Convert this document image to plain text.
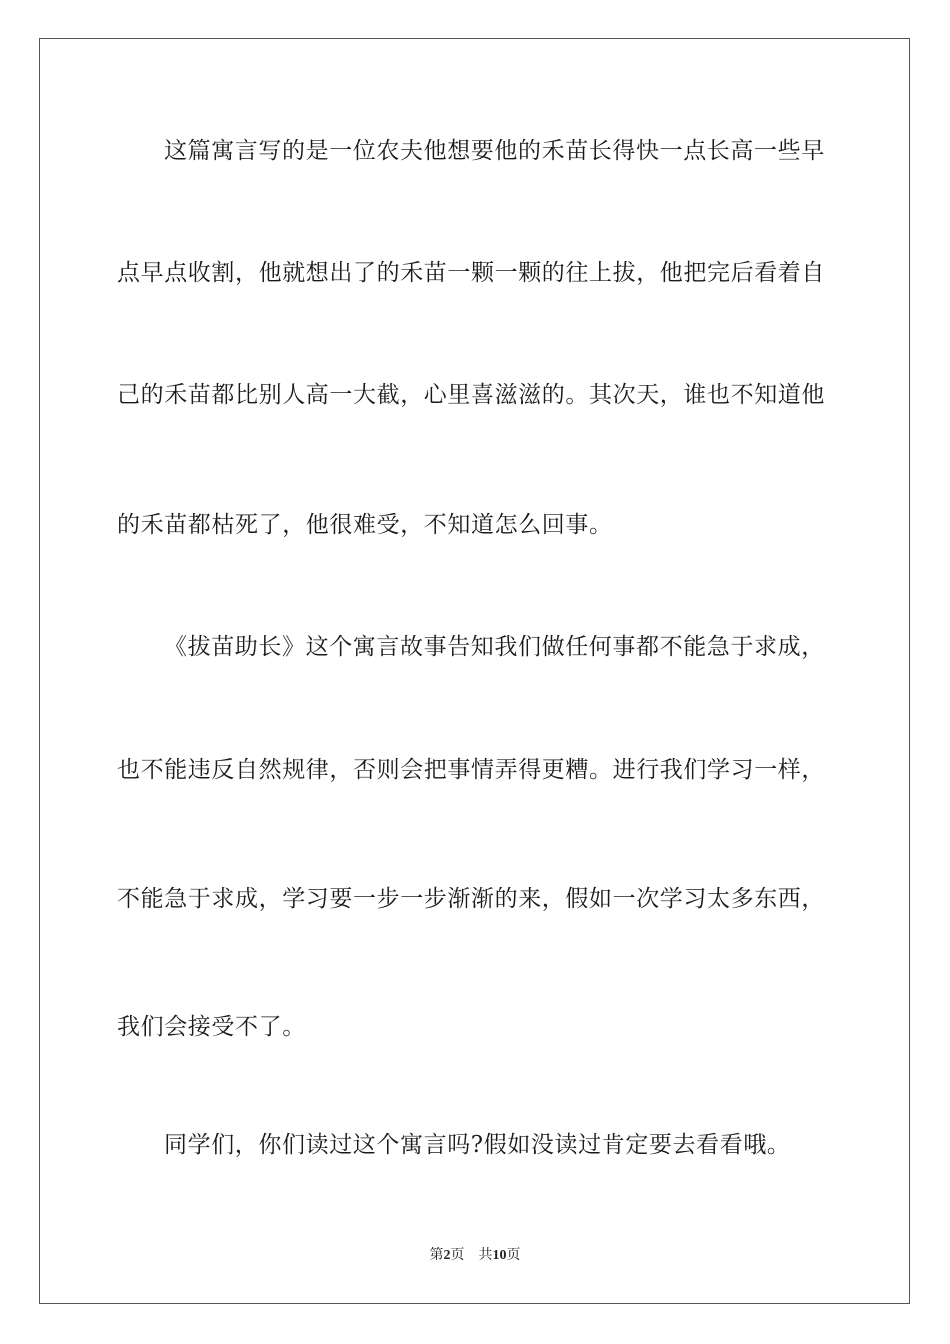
这篇寓言写的是一位农夫他想要他的禾苗长得快一点长高一些早
点早点收割，他就想出了的禾苗一颗一颗的往上拔，他把完后看着自
己的禾苗都比别人高一大截，心里喜滋滋的。其次天，谁也不知道他
的禾苗都枯死了，他很难受，不知道怎么回事。
《拔苗助长》这个寓言故事告知我们做任何事都不能急于求成，
也不能违反自然规律，否则会把事情弄得更糟。进行我们学习一样，
不能急于求成，学习要一步一步渐渐的来，假如一次学习太多东西，
我们会接受不了。
同学们，你们读过这个寓言吗?假如没读过肯定要去看看哦。
第2页 共10页
